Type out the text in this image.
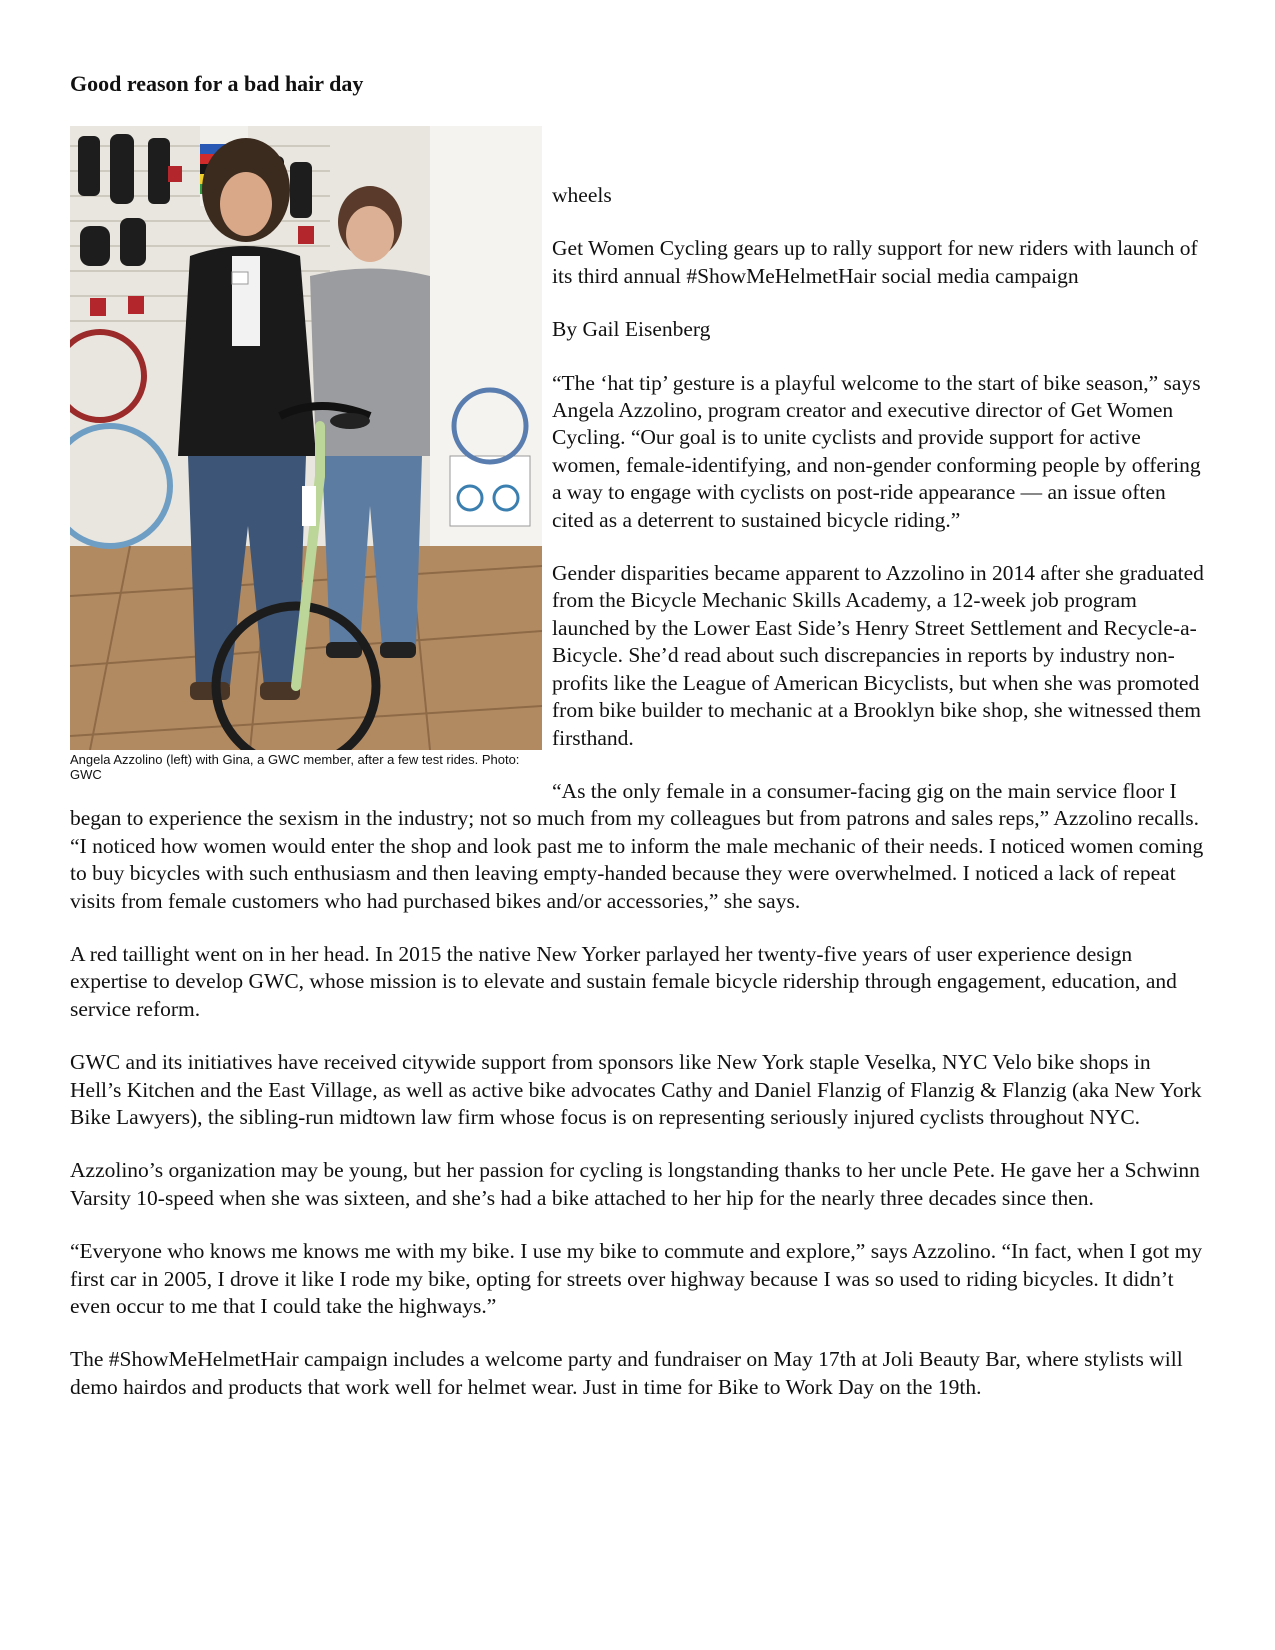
Good reason for a bad hair day
Angela Azzolino (left) with Gina, a GWC member, after a few test rides. Photo: GWC

wheels

Get Women Cycling gears up to rally support for new riders with launch of its third annual #ShowMeHelmetHair social media campaign

By Gail Eisenberg

“The ‘hat tip’ gesture is a playful welcome to the start of bike season,” says Angela Azzolino, program creator and executive director of Get Women Cycling. “Our goal is to unite cyclists and provide support for active women, female-identifying, and non-gender conforming people by offering a way to engage with cyclists on post-ride appearance — an issue often cited as a deterrent to sustained bicycle riding.”

Gender disparities became apparent to Azzolino in 2014 after she graduated from the Bicycle Mechanic Skills Academy, a 12-week job program launched by the Lower East Side’s Henry Street Settlement and Recycle-a-Bicycle. She’d read about such discrepancies in reports by industry non-profits like the League of American Bicyclists, but when she was promoted from bike builder to mechanic at a Brooklyn bike shop, she witnessed them firsthand.

“As the only female in a consumer-facing gig on the main service floor I began to experience the sexism in the industry; not so much from my colleagues but from patrons and sales reps,” Azzolino recalls. “I noticed how women would enter the shop and look past me to inform the male mechanic of their needs. I noticed women coming to buy bicycles with such enthusiasm and then leaving empty-handed because they were overwhelmed. I noticed a lack of repeat visits from female customers who had purchased bikes and/or accessories,” she says.

A red taillight went on in her head. In 2015 the native New Yorker parlayed her twenty-five years of user experience design expertise to develop GWC, whose mission is to elevate and sustain female bicycle ridership through engagement, education, and service reform.

GWC and its initiatives have received citywide support from sponsors like New York staple Veselka, NYC Velo bike shops in Hell’s Kitchen and the East Village, as well as active bike advocates Cathy and Daniel Flanzig of Flanzig & Flanzig (aka New York Bike Lawyers), the sibling-run midtown law firm whose focus is on representing seriously injured cyclists throughout NYC.

Azzolino’s organization may be young, but her passion for cycling is longstanding thanks to her uncle Pete. He gave her a Schwinn Varsity 10-speed when she was sixteen, and she’s had a bike attached to her hip for the nearly three decades since then.

“Everyone who knows me knows me with my bike. I use my bike to commute and explore,” says Azzolino. “In fact, when I got my first car in 2005, I drove it like I rode my bike, opting for streets over highway because I was so used to riding bicycles. It didn’t even occur to me that I could take the highways.”

The #ShowMeHelmetHair campaign includes a welcome party and fundraiser on May 17th at Joli Beauty Bar, where stylists will demo hairdos and products that work well for helmet wear. Just in time for Bike to Work Day on the 19th.
